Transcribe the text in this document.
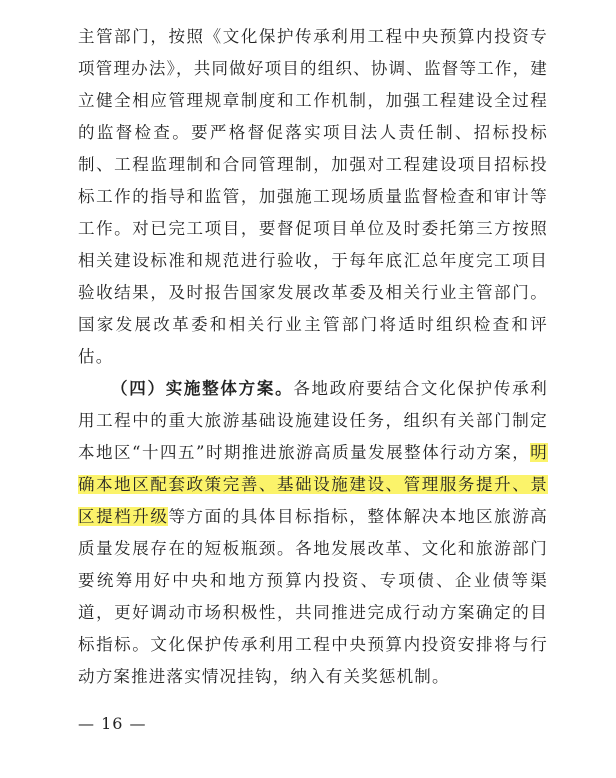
主管部门，按照《文化保护传承利用工程中央预算内投资专项管理办法》，共同做好项目的组织、协调、监督等工作，建立健全相应管理规章制度和工作机制，加强工程建设全过程的监督检查。要严格督促落实项目法人责任制、招标投标制、工程监理制和合同管理制，加强对工程建设项目招标投标工作的指导和监管，加强施工现场质量监督检查和审计等工作。对已完工项目，要督促项目单位及时委托第三方按照相关建设标准和规范进行验收，于每年底汇总年度完工项目验收结果，及时报告国家发展改革委及相关行业主管部门。国家发展改革委和相关行业主管部门将适时组织检查和评估。

（四）实施整体方案。各地政府要结合文化保护传承利用工程中的重大旅游基础设施建设任务，组织有关部门制定本地区“十四五”时期推进旅游高质量发展整体行动方案，明确本地区配套政策完善、基础设施建设、管理服务提升、景区提档升级等方面的具体目标指标，整体解决本地区旅游高质量发展存在的短板瓶颈。各地发展改革、文化和旅游部门要统筹用好中央和地方预算内投资、专项债、企业债等渠道，更好调动市场积极性，共同推进完成行动方案确定的目标指标。文化保护传承利用工程中央预算内投资安排将与行动方案推进落实情况挂钩，纳入有关奖惩机制。

— 16 —
